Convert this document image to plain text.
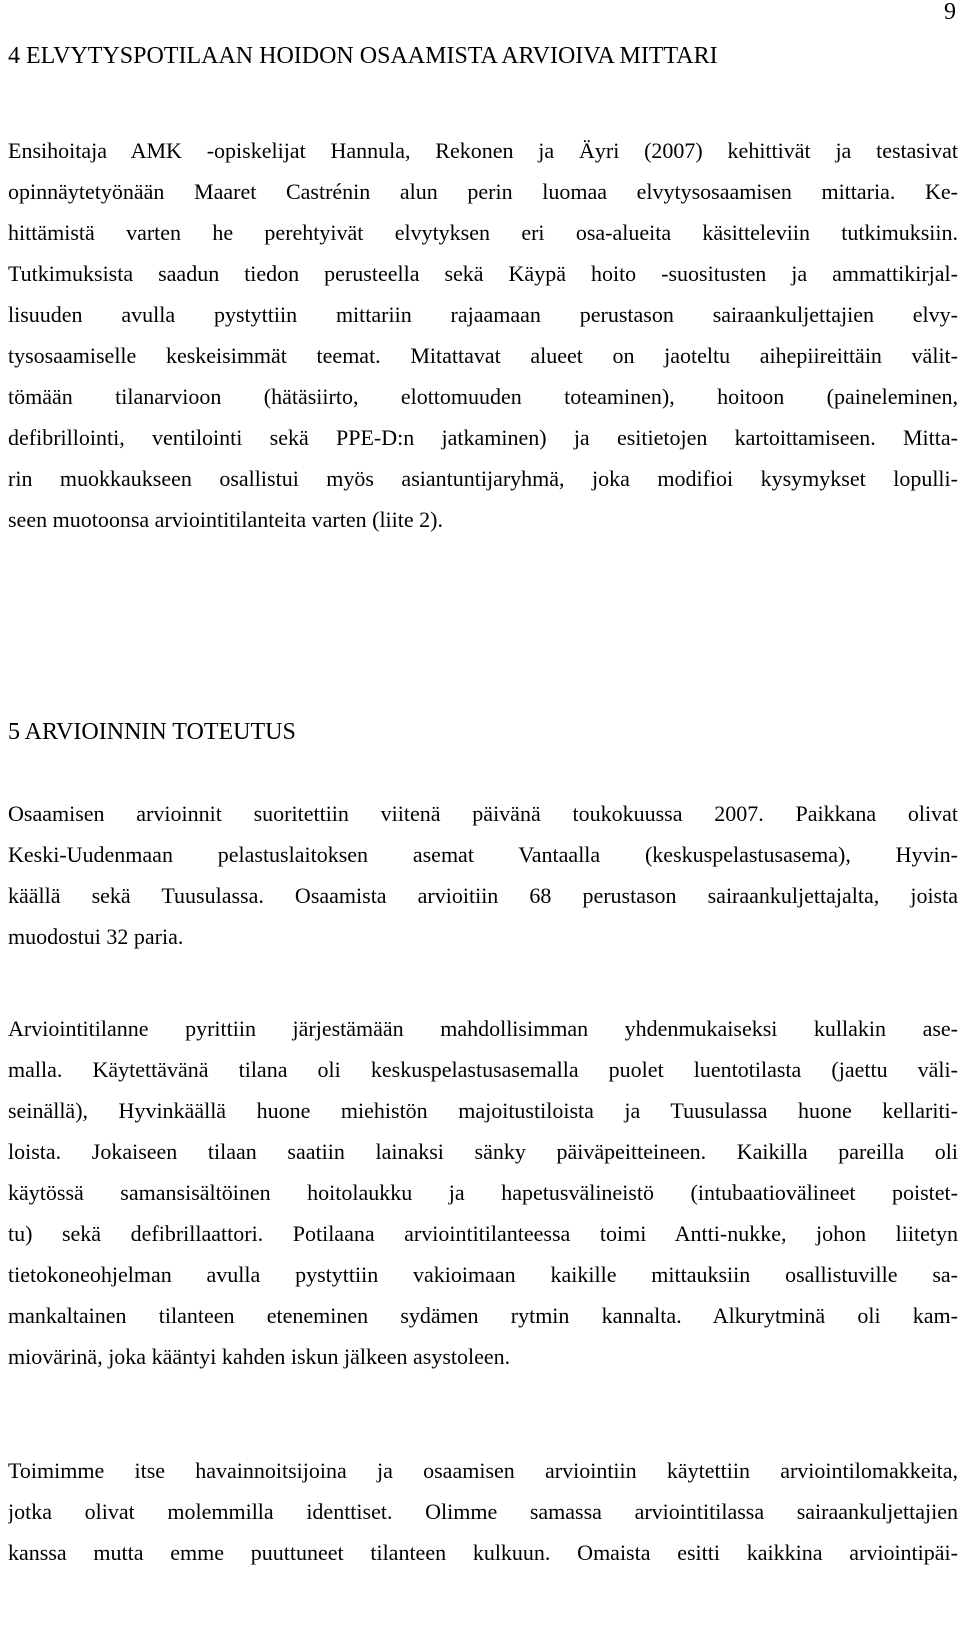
9
4 ELVYTYSPOTILAAN HOIDON OSAAMISTA ARVIOIVA MITTARI
Ensihoitaja AMK -opiskelijat Hannula, Rekonen ja Äyri (2007) kehittivät ja testasivat
opinnäytetyönään Maaret Castrénin alun perin luomaa elvytysosaamisen mittaria. Ke-
hittämistä varten he perehtyivät elvytyksen eri osa-alueita käsitteleviin tutkimuksiin.
Tutkimuksista saadun tiedon perusteella sekä Käypä hoito -suositusten ja ammattikirjal-
lisuuden avulla pystyttiin mittariin rajaamaan perustason sairaankuljettajien elvy-
tysosaamiselle keskeisimmät teemat. Mitattavat alueet on jaoteltu aihepiireittäin välit-
tömään tilanarvioon (hätäsiirto, elottomuuden toteaminen), hoitoon (paineleminen,
defibrillointi, ventilointi sekä PPE-D:n jatkaminen) ja esitietojen kartoittamiseen. Mitta-
rin muokkaukseen osallistui myös asiantuntijaryhmä, joka modifioi kysymykset lopulli-
seen muotoonsa arviointitilanteita varten (liite 2).
5 ARVIOINNIN TOTEUTUS
Osaamisen arvioinnit suoritettiin viitenä päivänä toukokuussa 2007. Paikkana olivat
Keski-Uudenmaan pelastuslaitoksen asemat Vantaalla (keskuspelastusasema), Hyvin-
käällä sekä Tuusulassa. Osaamista arvioitiin 68 perustason sairaankuljettajalta, joista
muodostui 32 paria.
Arviointitilanne pyrittiin järjestämään mahdollisimman yhdenmukaiseksi kullakin ase-
malla. Käytettävänä tilana oli keskuspelastusasemalla puolet luentotilasta (jaettu väli-
seinällä), Hyvinkäällä huone miehistön majoitustiloista ja Tuusulassa huone kellariti-
loista. Jokaiseen tilaan saatiin lainaksi sänky päiväpeitteineen. Kaikilla pareilla oli
käytössä samansisältöinen hoitolaukku ja hapetusvälineistö (intubaatiovälineet poistet-
tu) sekä defibrillaattori. Potilaana arviointitilanteessa toimi Antti-nukke, johon liitetyn
tietokoneohjelman avulla pystyttiin vakioimaan kaikille mittauksiin osallistuville sa-
mankaltainen tilanteen eteneminen sydämen rytmin kannalta. Alkurytminä oli kam-
miovärinä, joka kääntyi kahden iskun jälkeen asystoleen.
Toimimme itse havainnoitsijoina ja osaamisen arviointiin käytettiin arviointilomakkeita,
jotka olivat molemmilla identtiset. Olimme samassa arviointitilassa sairaankuljettajien
kanssa mutta emme puuttuneet tilanteen kulkuun. Omaista esitti kaikkina arviointipäi-
